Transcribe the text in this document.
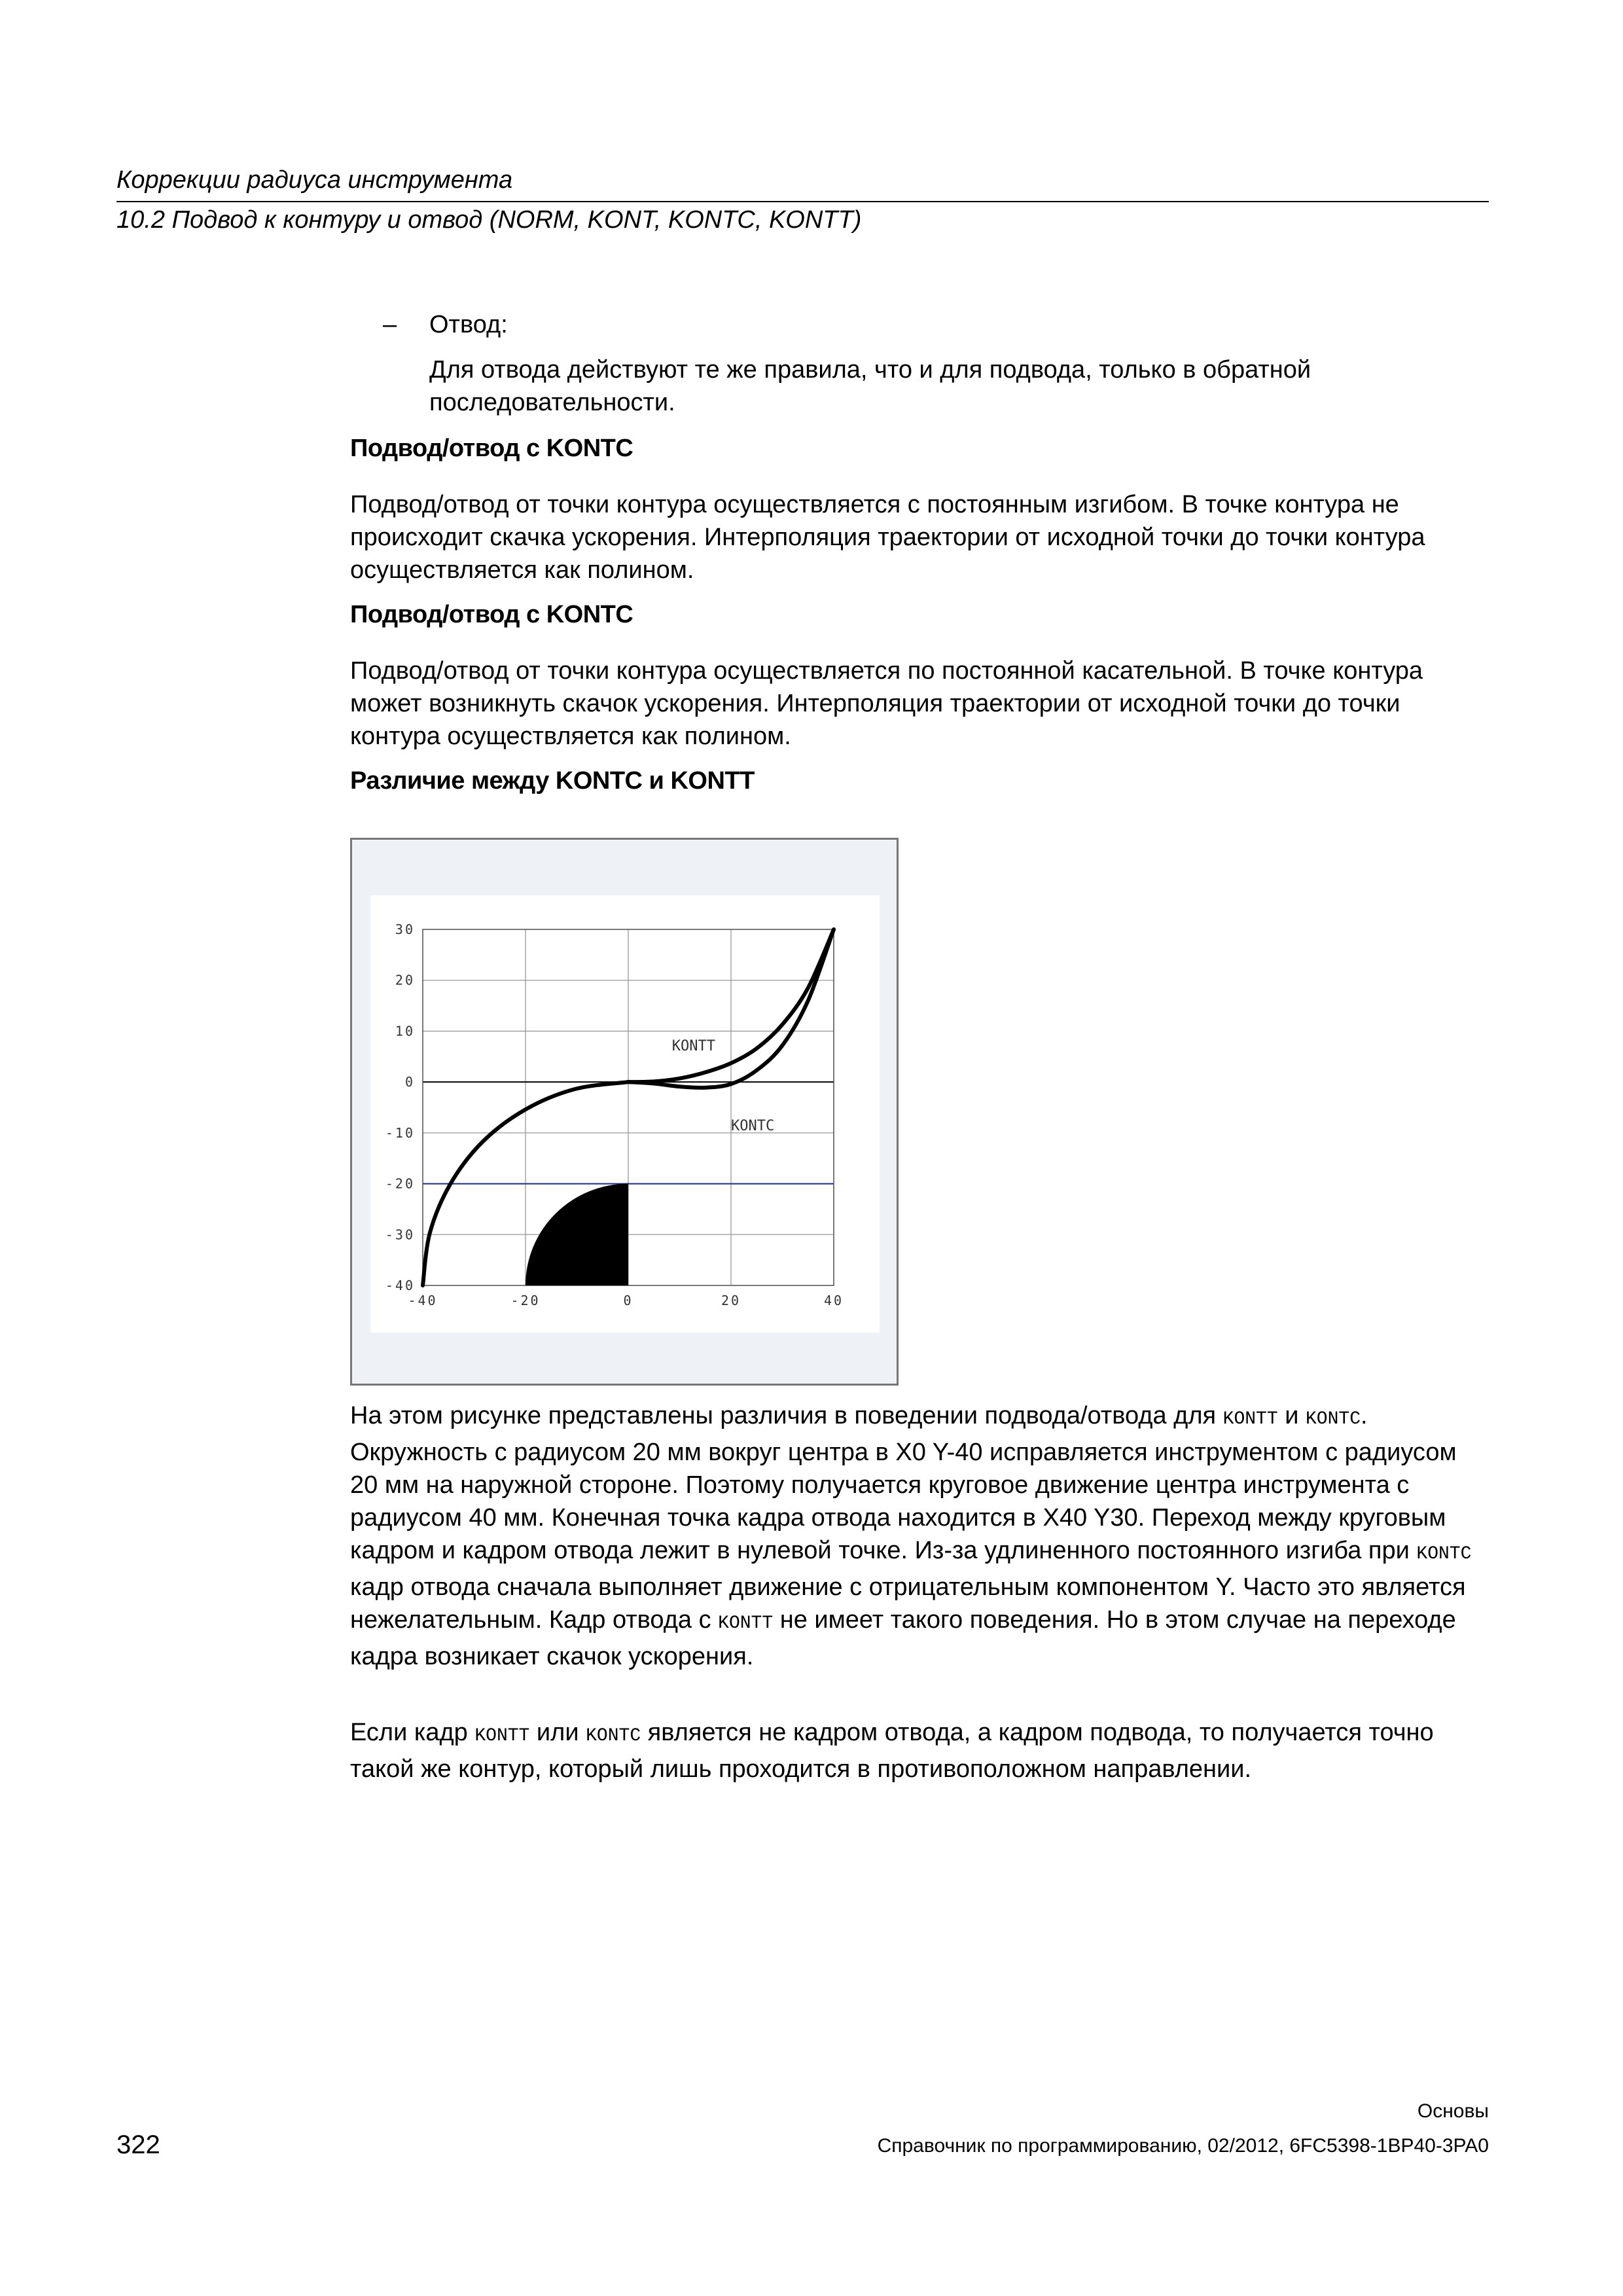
Коррекции радиуса инструмента
10.2 Подвод к контуру и отвод (NORM, KONT, KONTC, KONTT)
– Отвод:
Для отвода действуют те же правила, что и для подвода, только в обратной последовательности.
Подвод/отвод с KONTC
Подвод/отвод от точки контура осуществляется с постоянным изгибом. В точке контура не происходит скачка ускорения. Интерполяция траектории от исходной точки до точки контура осуществляется как полином.
Подвод/отвод с KONTC
Подвод/отвод от точки контура осуществляется по постоянной касательной. В точке контура может возникнуть скачок ускорения. Интерполяция траектории от исходной точки до точки контура осуществляется как полином.
Различие между KONTC и KONTT
-40	-20	0	20	40
30
20
10
0
-10
-20
-30
-40
KONTT
KONTC
На этом рисунке представлены различия в поведении подвода/отвода для KONTT и KONTC. Окружность с радиусом 20 мм вокруг центра в X0 Y-40 исправляется инструментом с радиусом 20 мм на наружной стороне. Поэтому получается круговое движение центра инструмента с радиусом 40 мм. Конечная точка кадра отвода находится в X40 Y30. Переход между круговым кадром и кадром отвода лежит в нулевой точке. Из-за удлиненного постоянного изгиба при KONTC кадр отвода сначала выполняет движение с отрицательным компонентом Y. Часто это является нежелательным. Кадр отвода с KONTT не имеет такого поведения. Но в этом случае на переходе кадра возникает скачок ускорения.
Если кадр KONTT или KONTC является не кадром отвода, а кадром подвода, то получается точно такой же контур, который лишь проходится в противоположном направлении.
Основы
322	Справочник по программированию, 02/2012, 6FC5398-1BP40-3PA0
